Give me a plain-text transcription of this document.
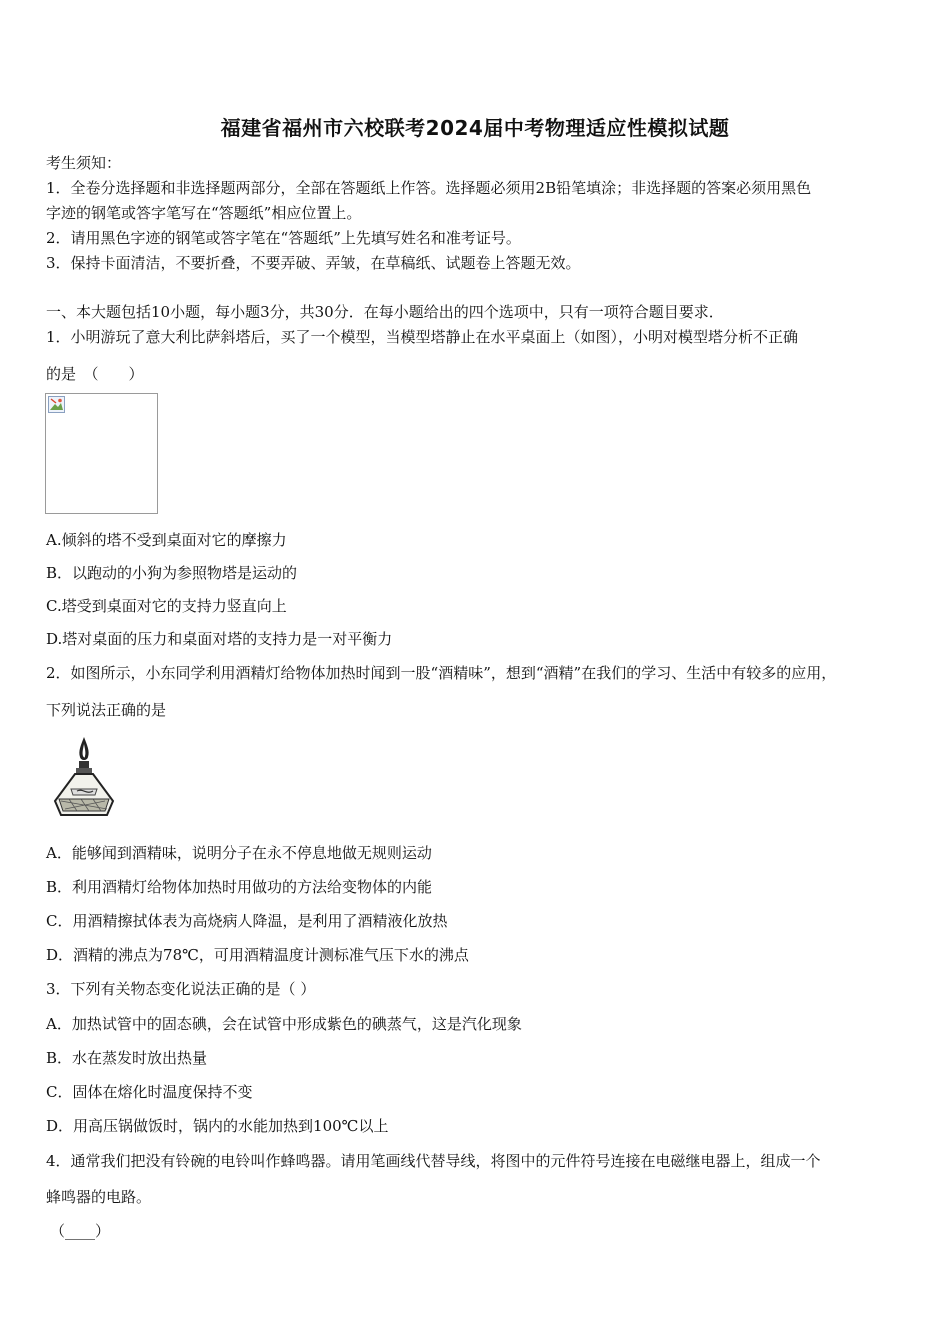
福建省福州市六校联考2024届中考物理适应性模拟试题
考生须知：
1．全卷分选择题和非选择题两部分，全部在答题纸上作答。选择题必须用2B铅笔填涂；非选择题的答案必须用黑色
字迹的钢笔或答字笔写在“答题纸”相应位置上。
2．请用黑色字迹的钢笔或答字笔在“答题纸”上先填写姓名和准考证号。
3．保持卡面清洁，不要折叠，不要弄破、弄皱，在草稿纸、试题卷上答题无效。
一、本大题包括10小题，每小题3分，共30分．在每小题给出的四个选项中，只有一项符合题目要求．
1．小明游玩了意大利比萨斜塔后，买了一个模型，当模型塔静止在水平桌面上（如图），小明对模型塔分析不正确
的是　（　　）
A.倾斜的塔不受到桌面对它的摩擦力
B．以跑动的小狗为参照物塔是运动的
C.塔受到桌面对它的支持力竖直向上
D.塔对桌面的压力和桌面对塔的支持力是一对平衡力
2．如图所示，小东同学利用酒精灯给物体加热时闻到一股“酒精味”，想到“酒精”在我们的学习、生活中有较多的应用，
下列说法正确的是
A．能够闻到酒精味，说明分子在永不停息地做无规则运动
B．利用酒精灯给物体加热时用做功的方法给变物体的内能
C．用酒精擦拭体表为高烧病人降温，是利用了酒精液化放热
D．酒精的沸点为78℃，可用酒精温度计测标准气压下水的沸点
3．下列有关物态变化说法正确的是（ ）
A．加热试管中的固态碘，会在试管中形成紫色的碘蒸气，这是汽化现象
B．水在蒸发时放出热量
C．固体在熔化时温度保持不变
D．用高压锅做饭时，锅内的水能加热到100℃以上
4．通常我们把没有铃碗的电铃叫作蜂鸣器。请用笔画线代替导线，将图中的元件符号连接在电磁继电器上，组成一个
蜂鸣器的电路。
（____）
